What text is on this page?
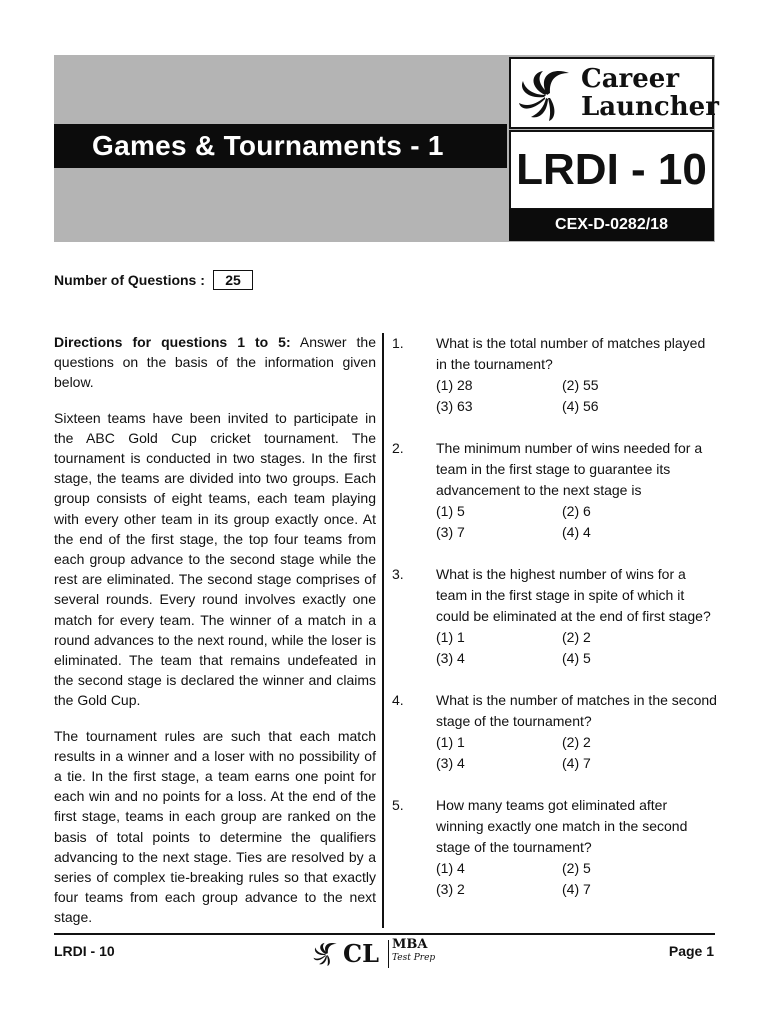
Games & Tournaments - 1
Career
Launcher
LRDI - 10
CEX-D-0282/18
Number of Questions :	25

Directions for questions 1 to 5: Answer the questions on the basis of the information given below.

Sixteen teams have been invited to participate in the ABC Gold Cup cricket tournament. The tournament is conducted in two stages. In the first stage, the teams are divided into two groups. Each group consists of eight teams, each team playing with every other team in its group exactly once. At the end of the first stage, the top four teams from each group advance to the second stage while the rest are eliminated. The second stage comprises of several rounds. Every round involves exactly one match for every team. The winner of a match in a round advances to the next round, while the loser is eliminated. The team that remains undefeated in the second stage is declared the winner and claims the Gold Cup.

The tournament rules are such that each match results in a winner and a loser with no possibility of a tie. In the first stage, a team earns one point for each win and no points for a loss. At the end of the first stage, teams in each group are ranked on the basis of total points to determine the qualifiers advancing to the next stage. Ties are resolved by a series of complex tie-breaking rules so that exactly four teams from each group advance to the next stage.

1. What is the total number of matches played in the tournament?
(1) 28	(2) 55
(3) 63	(4) 56
2. The minimum number of wins needed for a team in the first stage to guarantee its advancement to the next stage is
(1) 5	(2) 6
(3) 7	(4) 4
3. What is the highest number of wins for a team in the first stage in spite of which it could be eliminated at the end of first stage?
(1) 1	(2) 2
(3) 4	(4) 5
4. What is the number of matches in the second stage of the tournament?
(1) 1	(2) 2
(3) 4	(4) 7
5. How many teams got eliminated after winning exactly one match in the second stage of the tournament?
(1) 4	(2) 5
(3) 2	(4) 7
LRDI - 10	CL MBA
Test Prep	Page 1
